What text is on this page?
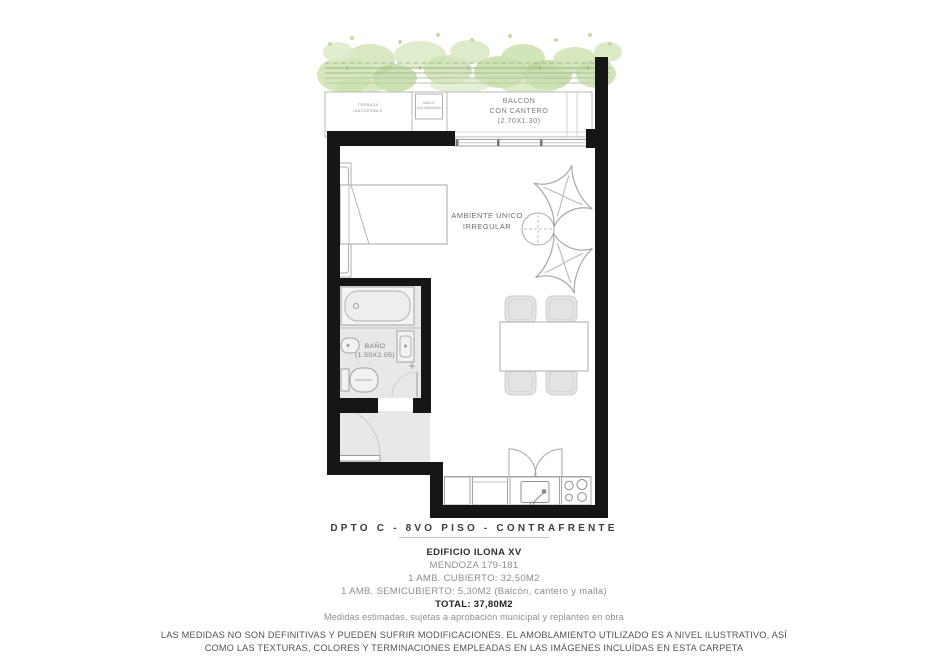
TERRAZA
INACCESIBLE
MALLA
GALVANIZADA
BALCON
CON CANTERO
(2.70X1.30)
AMBIENTE UNICO
IRREGULAR
BAÑO
(1.50X2.05)
DPTO C - 8VO PISO - CONTRAFRENTE
EDIFICIO ILONA XV
MENDOZA 179-181
1 AMB. CUBIERTO: 32,50M2
1 AMB. SEMICUBIERTO: 5,30M2 (Balcón, cantero y malla)
TOTAL: 37,80M2
Medidas estimadas, sujetas a aprobación municipal y replanteo en obra
LAS MEDIDAS NO SON DEFINITIVAS Y PUEDEN SUFRIR MODIFICACIONES. EL AMOBLAMIENTO UTILIZADO ES A NIVEL ILUSTRATIVO, ASÍ
COMO LAS TEXTURAS, COLORES Y TERMINACIONES EMPLEADAS EN LAS IMÁGENES INCLUÍDAS EN ESTA CARPETA
